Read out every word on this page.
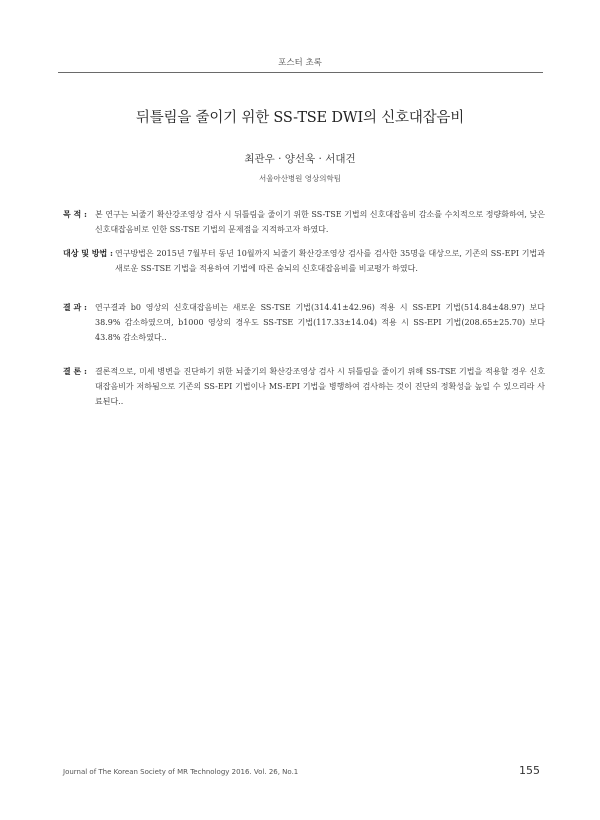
포스터 초록
뒤틀림을 줄이기 위한 SS-TSE DWI의 신호대잡음비
최관우 · 양선욱 · 서대건
서울아산병원 영상의학팀
목 적 : 본 연구는 뇌줄기 확산강조영상 검사 시 뒤틀림을 줄이기 위한 SS-TSE 기법의 신호대잡음비 감소를 수치적으로 정량화하여, 낮은 신호대잡음비로 인한 SS-TSE 기법의 문제점을 지적하고자 하였다.
대상 및 방법 : 연구방법은 2015년 7월부터 동년 10월까지 뇌줄기 확산강조영상 검사를 검사한 35명을 대상으로, 기존의 SS-EPI 기법과 새로운 SS-TSE 기법을 적용하여 기법에 따른 숨뇌의 신호대잡음비를 비교평가 하였다.
결 과 : 연구결과 b0 영상의 신호대잡음비는 새로운 SS-TSE 기법(314.41±42.96) 적용 시 SS-EPI 기법(514.84±48.97) 보다 38.9% 감소하였으며, b1000 영상의 경우도 SS-TSE 기법(117.33±14.04) 적용 시 SS-EPI 기법(208.65±25.70) 보다 43.8% 감소하였다..
결 론 : 결론적으로, 미세 병변을 진단하기 위한 뇌줄기의 확산강조영상 검사 시 뒤틀림을 줄이기 위해 SS-TSE 기법을 적용할 경우 신호대잡음비가 저하됨으로 기존의 SS-EPI 기법이나 MS-EPI 기법을 병행하여 검사하는 것이 진단의 정확성을 높일 수 있으리라 사료된다..
Journal of The Korean Society of MR Technology 2016. Vol. 26, No.1	155
